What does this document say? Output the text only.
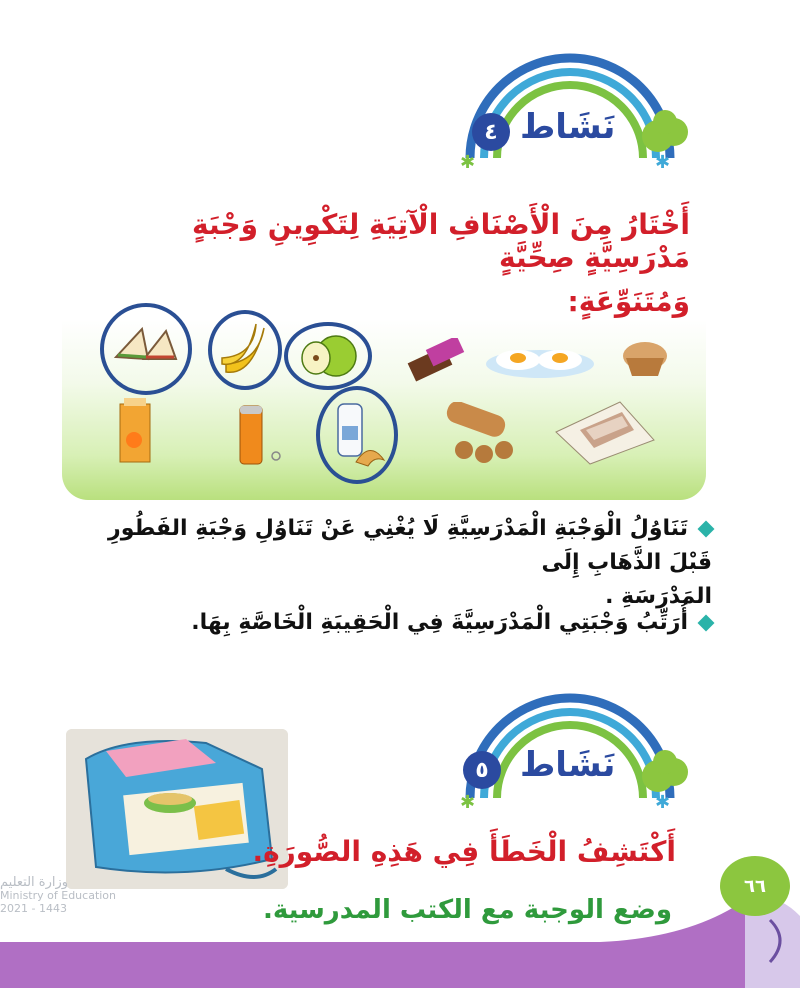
✱	✱
نَشَاط
٤
أَخْتَارُ مِنَ الْأَصْنَافِ الْآتِيَةِ لِتَكْوِينِ وَجْبَةٍ مَدْرَسِيَّةٍ صِحِّيَّةٍ
وَمُتَنَوِّعَةٍ:
تَنَاوُلُ الْوَجْبَةِ الْمَدْرَسِيَّةِ لَا يُغْنِي عَنْ تَنَاوُلِ وَجْبَةِ الفَطُورِ قَبْلَ الذَّهَابِ إِلَى
المَدْرَسَةِ .
أُرَتِّبُ وَجْبَتِي الْمَدْرَسِيَّةَ فِي الْحَقِيبَةِ الْخَاصَّةِ بِهَا.
✱	✱
نَشَاط
٥
أَكْتَشِفُ الْخَطَأَ فِي هَذِهِ الصُّورَةِ.
وضع الوجبة مع الكتب المدرسية.
وزارة التعليم
Ministry of Education
2021 - 1443
٦٦
